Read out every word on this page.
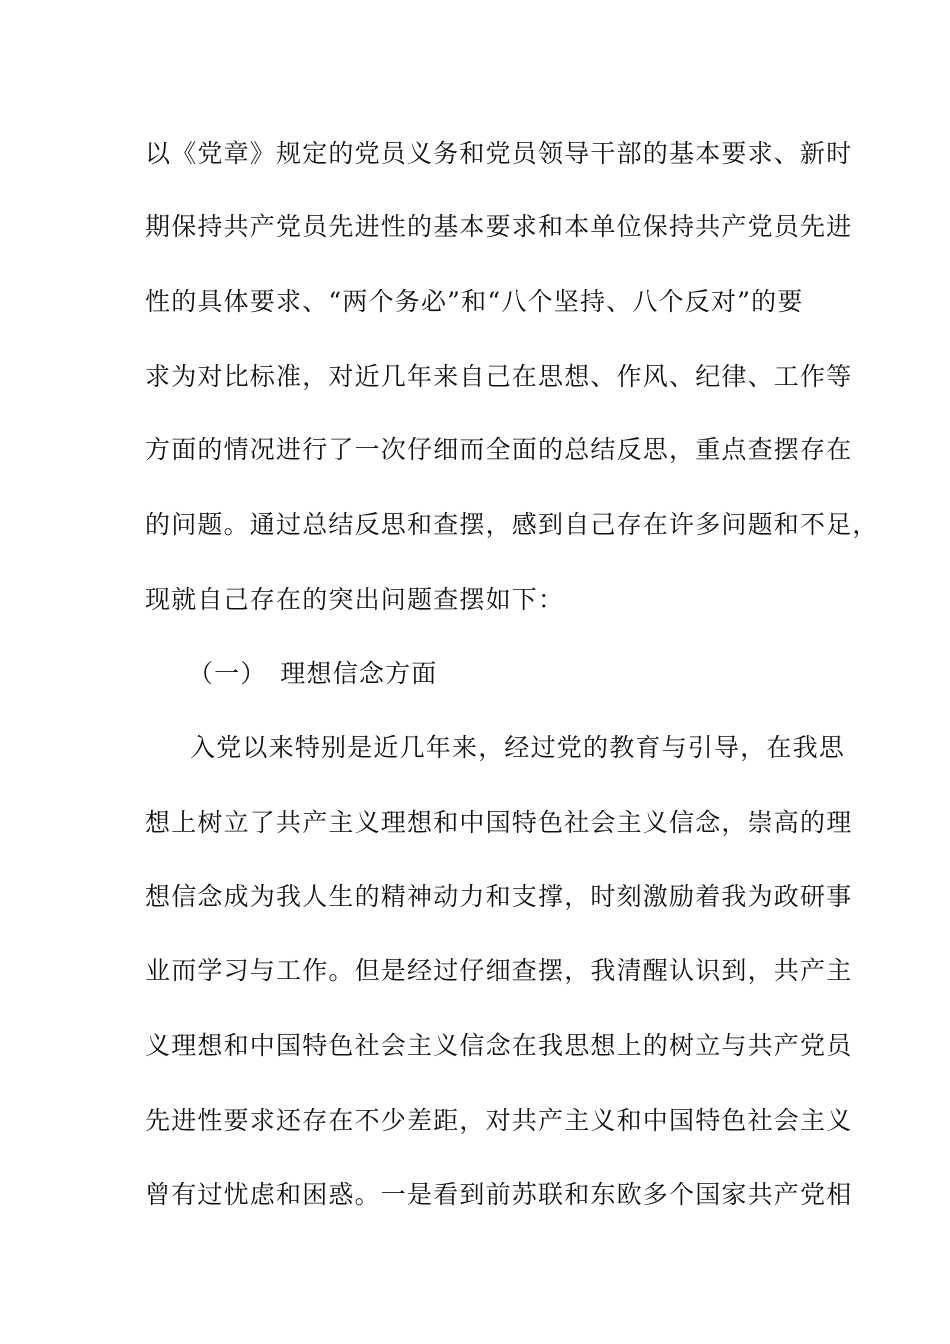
以《党章》规定的党员义务和党员领导干部的基本要求、新时
期保持共产党员先进性的基本要求和本单位保持共产党员先进
性的具体要求、“两个务必”和“八个坚持、八个反对”的要
求为对比标准，对近几年来自己在思想、作风、纪律、工作等
方面的情况进行了一次仔细而全面的总结反思，重点查摆存在
的问题。通过总结反思和查摆，感到自己存在许多问题和不足，
现就自己存在的突出问题查摆如下：
（一）　理想信念方面
入党以来特别是近几年来，经过党的教育与引导，在我思
想上树立了共产主义理想和中国特色社会主义信念，崇高的理
想信念成为我人生的精神动力和支撑，时刻激励着我为政研事
业而学习与工作。但是经过仔细查摆，我清醒认识到，共产主
义理想和中国特色社会主义信念在我思想上的树立与共产党员
先进性要求还存在不少差距，对共产主义和中国特色社会主义
曾有过忧虑和困惑。一是看到前苏联和东欧多个国家共产党相
